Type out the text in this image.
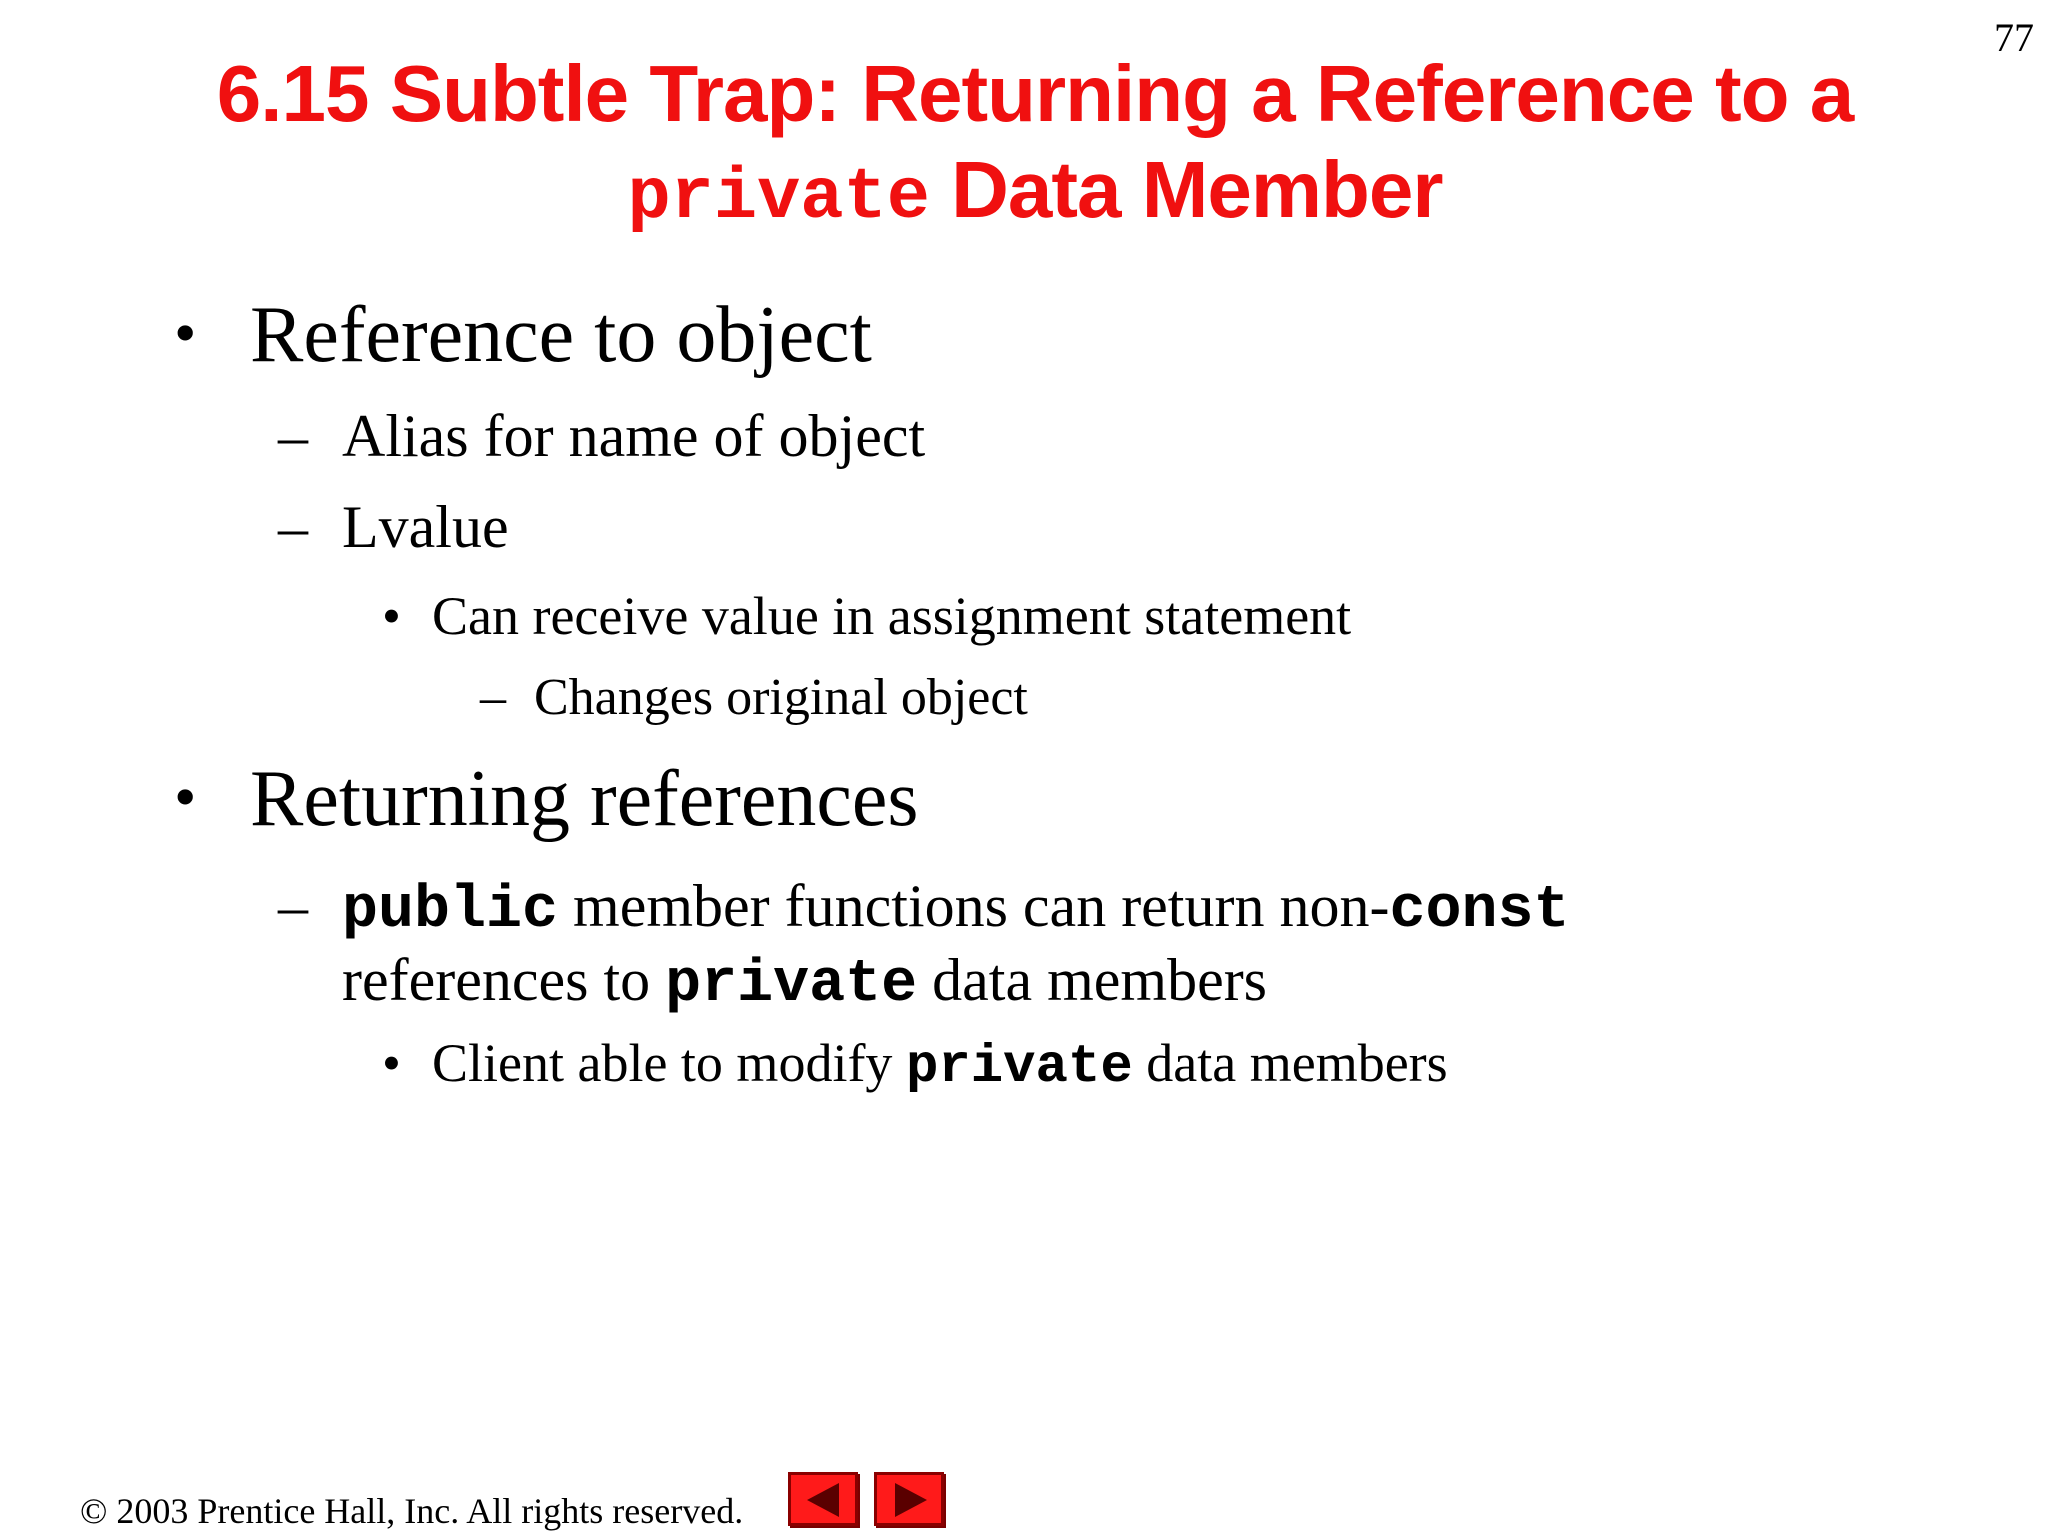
77
6.15 Subtle Trap: Returning a Reference to a
private Data Member
• Reference to object
– Alias for name of object
– Lvalue
• Can receive value in assignment statement
– Changes original object
• Returning references
– public member functions can return non-const
references to private data members
• Client able to modify private data members
© 2003 Prentice Hall, Inc. All rights reserved.
